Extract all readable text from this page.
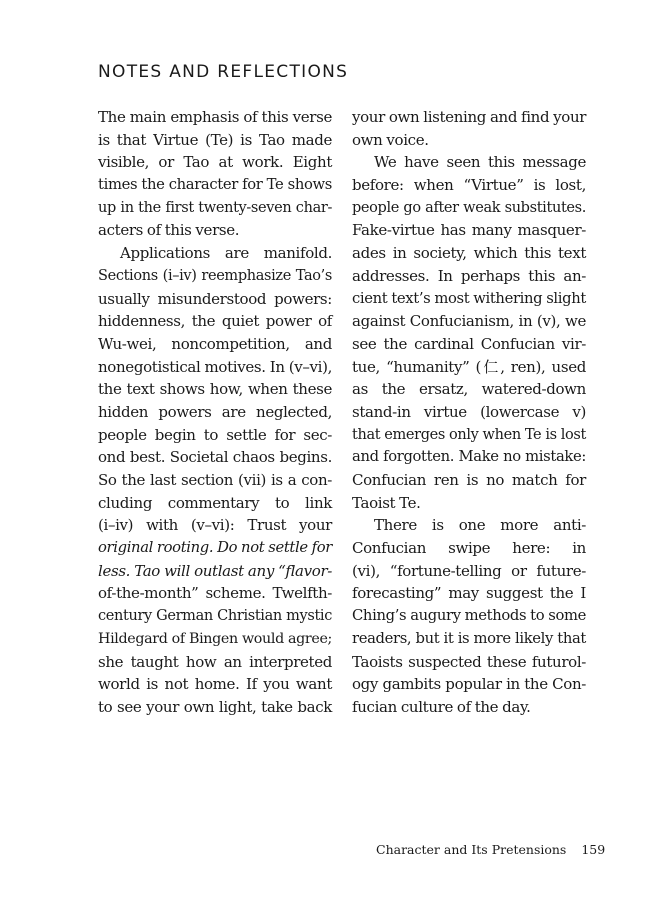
NOTES AND REFLECTIONS
The main emphasis of this verse
is that Virtue (Te) is Tao made
visible, or Tao at work. Eight
times the character for Te shows
up in the first twenty-seven char-
acters of this verse.
Applications are manifold.
Sections (i–iv) reemphasize Tao’s
usually misunderstood powers:
hiddenness, the quiet power of
Wu-wei, noncompetition, and
nonegotistical motives. In (v–vi),
the text shows how, when these
hidden powers are neglected,
people begin to settle for sec-
ond best. Societal chaos begins.
So the last section (vii) is a con-
cluding commentary to link
(i–iv) with (v–vi): Trust your
original rooting. Do not settle for
less. Tao will outlast any “flavor-
of-the-month” scheme. Twelfth-
century German Christian mystic
Hildegard of Bingen would agree;
she taught how an interpreted
world is not home. If you want
to see your own light, take back
your own listening and find your
own voice.
We have seen this message
before: when “Virtue” is lost,
people go after weak substitutes.
Fake-virtue has many masquer-
ades in society, which this text
addresses. In perhaps this an-
cient text’s most withering slight
against Confucianism, in (v), we
see the cardinal Confucian vir-
tue, “humanity” (仁, ren), used
as the ersatz, watered-down
stand-in virtue (lowercase v)
that emerges only when Te is lost
and forgotten. Make no mistake:
Confucian ren is no match for
Taoist Te.
There is one more anti-
Confucian swipe here: in
(vi), “fortune-telling or future-
forecasting” may suggest the I
Ching’s augury methods to some
readers, but it is more likely that
Taoists suspected these futurol-
ogy gambits popular in the Con-
fucian culture of the day.
Character and Its Pretensions 159
